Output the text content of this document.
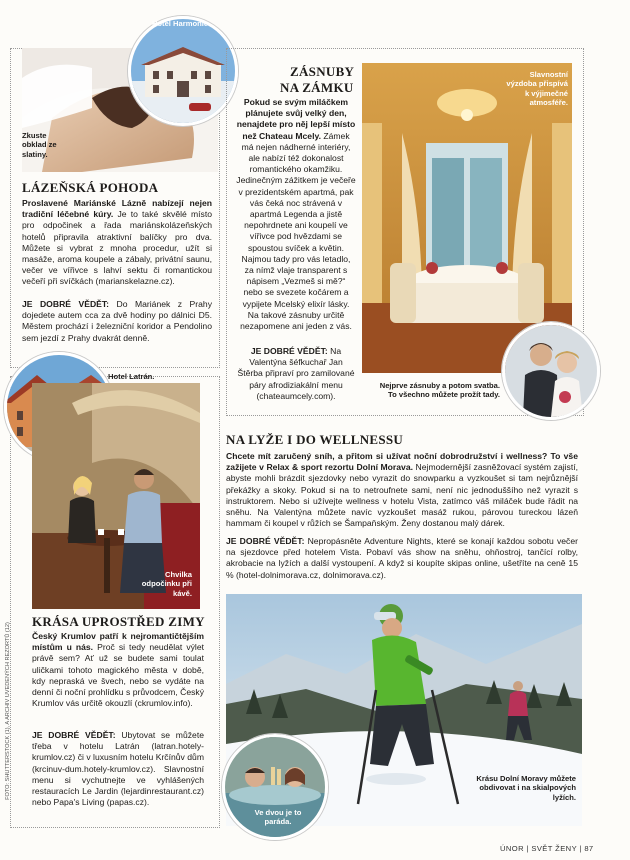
Zkuste obklad ze slatiny.
Hotel Harmonie
LÁZEŇSKÁ POHODA
Proslavené Mariánské Lázně nabízejí nejen tradiční léčebné kúry. Je to také skvělé místo pro odpočinek a řada mariánskolázeňských hotelů připravila atraktivní balíčky pro dva. Můžete si vybrat z mnoha procedur, užít si masáže, aroma koupele a zábaly, privátní saunu, večer ve vířivce s lahví sektu či romantickou večeří při svíčkách (marianskelazne.cz).
JE DOBRÉ VĚDĚT: Do Mariánek z Prahy dojedete autem cca za dvě hodiny po dálnici D5. Městem prochází i železniční koridor a Pendolino sem jezdí z Prahy dvakrát denně.
ZÁSNUBY
NA ZÁMKU
Pokud se svým miláčkem plánujete svůj velký den, nenajdete pro něj lepší místo než Chateau Mcely. Zámek má nejen nádherné interiéry, ale nabízí též dokonalost romantického okamžiku. Jedinečným zážitkem je večeře v prezidentském apartmá, pak vás čeká noc strávená v apartmá Legenda a jistě nepohrdnete ani koupelí ve vířivce pod hvězdami se spoustou svíček a květin. Najmou tady pro vás letadlo, za nímž vlaje transparent s nápisem „Vezmeš si mě?“ nebo se svezete kočárem a vypijete Mcelský elixír lásky. Na takové zásnuby určitě nezapomene ani jeden z vás.
JE DOBRÉ VĚDĚT: Na Valentýna šéfkuchař Jan Štěrba připraví pro zamilované páry afrodiziakální menu (chateaumcely.com).
Slavnostní výzdoba přispívá k výjimečné atmosféře.
Nejprve zásnuby a potom svatba. To všechno můžete prožít tady.
Hotel Latrán.
Chvilka odpočinku při kávě.
KRÁSA UPROSTŘED ZIMY
Český Krumlov patří k nejromantičtějším místům u nás. Proč si tedy neudělat výlet právě sem? Ať už se budete sami toulat uličkami tohoto magického města v době, kdy nepraská ve švech, nebo se vydáte na denní či noční prohlídku s průvodcem, Český Krumlov vás určitě okouzlí (ckrumlov.info).
JE DOBRÉ VĚDĚT: Ubytovat se můžete třeba v hotelu Latrán (latran.hotely-krumlov.cz) či v luxusním hotelu Krčínův dům (krcinuv-dum.hotely-krumlov.cz). Slavnostní menu si vychutnejte ve vyhlášených restauracích Le Jardin (lejardinrestaurant.cz) nebo Papa's Living (papas.cz).
FOTO: SHUTTERSTOCK (1), A ARCHIV UVEDENÝCH REZORTŮ (12)
NA LYŽE I DO WELLNESSU
Chcete mít zaručený sníh, a přitom si užívat noční dobrodružství i wellness? To vše zažijete v Relax & sport rezortu Dolní Morava. Nejmodernější zasněžovací systém zajistí, abyste mohli brázdit sjezdovky nebo vyrazit do snowparku a vyzkoušet si tam nejrůznější překážky a skoky. Pokud si na to netroufnete sami, není nic jednoduššího než vyrazit s instruktorem. Nebo si užívejte wellness v hotelu Vista, zatímco váš miláček bude řádit na sněhu. Na Valentýna můžete navíc vyzkoušet masáž rukou, párovou tureckou lázeň hammam či koupel v růžích se Šampaňským. Ženy dostanou malý dárek.
JE DOBRÉ VĚDĚT: Nepropásněte Adventure Nights, které se konají každou sobotu večer na sjezdovce před hotelem Vista. Pobaví vás show na sněhu, ohňostroj, tančící rolby, akrobacie na lyžích a další vystoupení. A když si koupíte skipas online, ušetříte na ceně 15 % (hotel-dolnimorava.cz, dolnimorava.cz).
Krásu Dolní Moravy můžete obdivovat i na skialpových lyžích.
Ve dvou je to paráda.
ÚNOR | SVĚT ŽENY | 87
